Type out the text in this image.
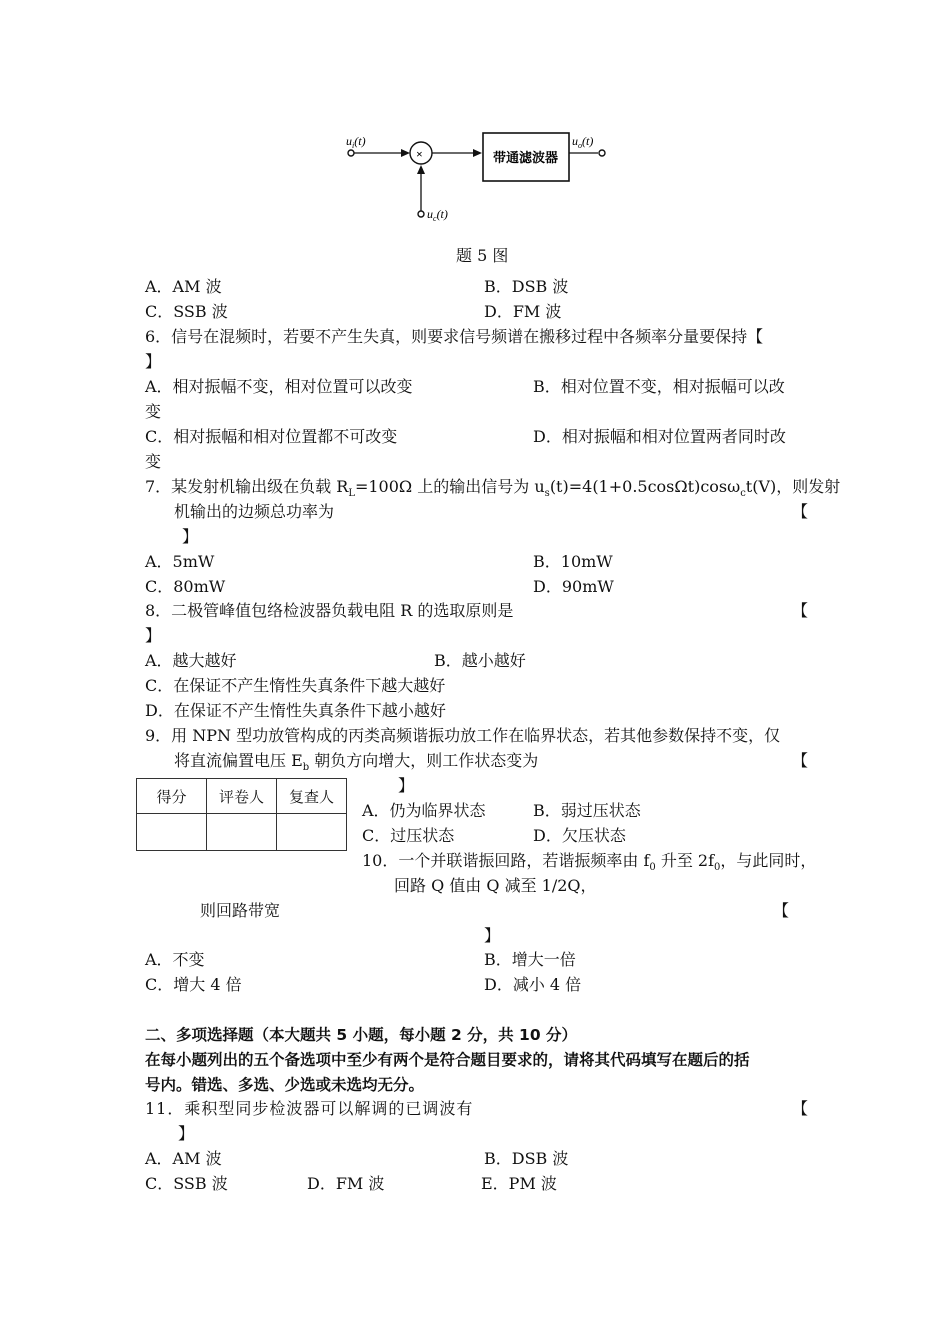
×	带通滤波器
$u_i(t)$	$u_o(t)$
$u_c(t)$
题 5 图
A．AM 波	B．DSB 波
C．SSB 波	D．FM 波
6．信号在混频时，若要不产生失真，则要求信号频谱在搬移过程中各频率分量要保持【
】
A．相对振幅不变，相对位置可以改变	B．相对位置不变，相对振幅可以改
变
C．相对振幅和相对位置都不可改变	D．相对振幅和相对位置两者同时改
变
7．某发射机输出级在负载 $R_L=100\Omega$ 上的输出信号为 $u_s(t)=4(1+0.5\cos\Omega t)\cos\omega_ct(V)$，则发射
机输出的边频总功率为	【
】
A．5mW	B．10mW
C．80mW	D．90mW
8．二极管峰值包络检波器负载电阻 R 的选取原则是	【
】
A．越大越好	B．越小越好
C．在保证不产生惰性失真条件下越大越好
D．在保证不产生惰性失真条件下越小越好
9．用 NPN 型功放管构成的丙类高频谐振功放工作在临界状态，若其他参数保持不变，仅
将直流偏置电压 $E_b$ 朝负方向增大，则工作状态变为	【
得分	评卷人	复查人

】
A．仍为临界状态	B．弱过压状态
C．过压状态	D．欠压状态
10．一个并联谐振回路，若谐振频率由 $f_0$ 升至 $2f_0$，与此同时，
回路 Q 值由 Q 减至 1/2Q，
则回路带宽	【
】
A．不变	B．增大一倍
C．增大 4 倍	D．减小 4 倍
二、多项选择题（本大题共 5 小题，每小题 2 分，共 10 分）
在每小题列出的五个备选项中至少有两个是符合题目要求的，请将其代码填写在题后的括
号内。错选、多选、少选或未选均无分。
11．乘积型同步检波器可以解调的已调波有	【
】
A．AM 波	B．DSB 波
C．SSB 波	D．FM 波	E．PM 波
